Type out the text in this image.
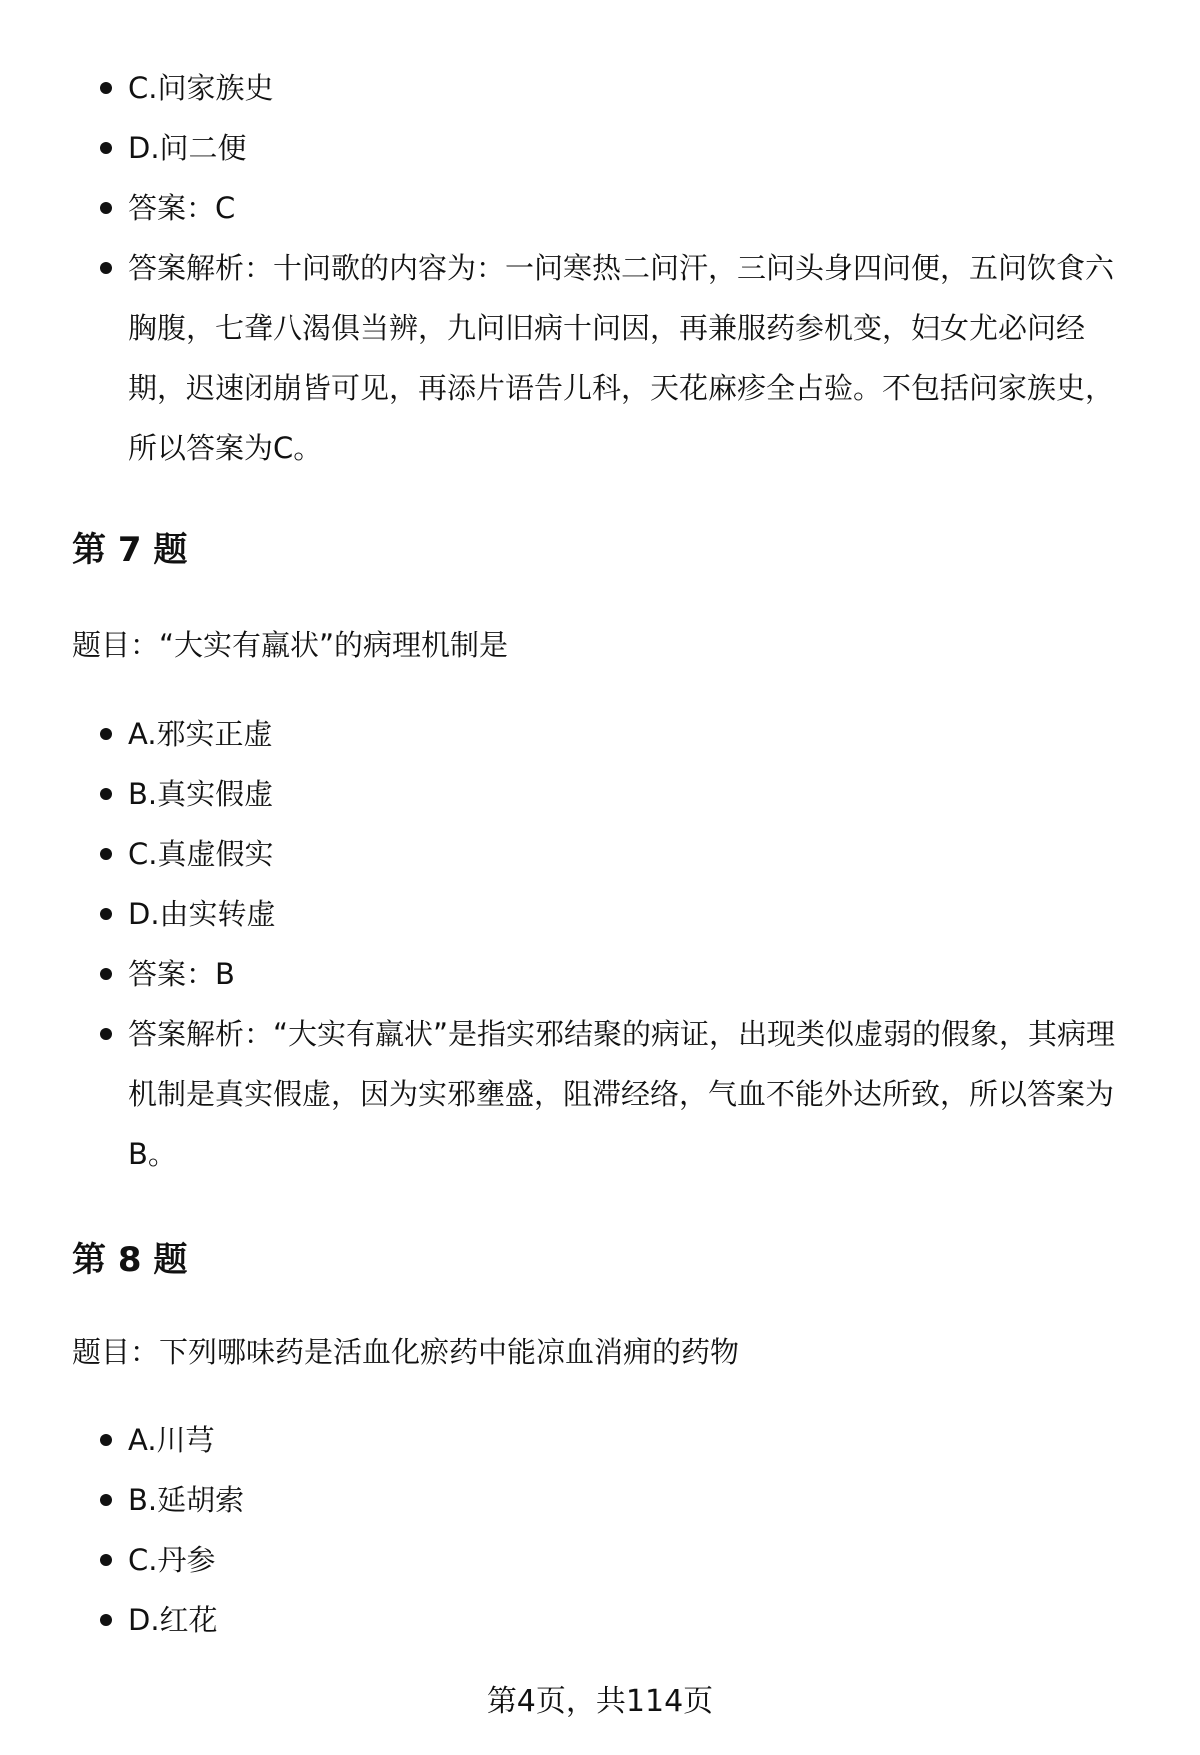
C.问家族史
D.问二便
答案：C
答案解析：十问歌的内容为：一问寒热二问汗，三问头身四问便，五问饮食六胸腹，七聋八渴俱当辨，九问旧病十问因，再兼服药参机变，妇女尤必问经期，迟速闭崩皆可见，再添片语告儿科，天花麻疹全占验。不包括问家族史，所以答案为C。
第 7 题

题目：“大实有羸状”的病理机制是

A.邪实正虚
B.真实假虚
C.真虚假实
D.由实转虚
答案：B
答案解析：“大实有羸状”是指实邪结聚的病证，出现类似虚弱的假象，其病理机制是真实假虚，因为实邪壅盛，阻滞经络，气血不能外达所致，所以答案为B。
第 8 题

题目：下列哪味药是活血化瘀药中能凉血消痈的药物

A.川芎
B.延胡索
C.丹参
D.红花
第4页，共114页
